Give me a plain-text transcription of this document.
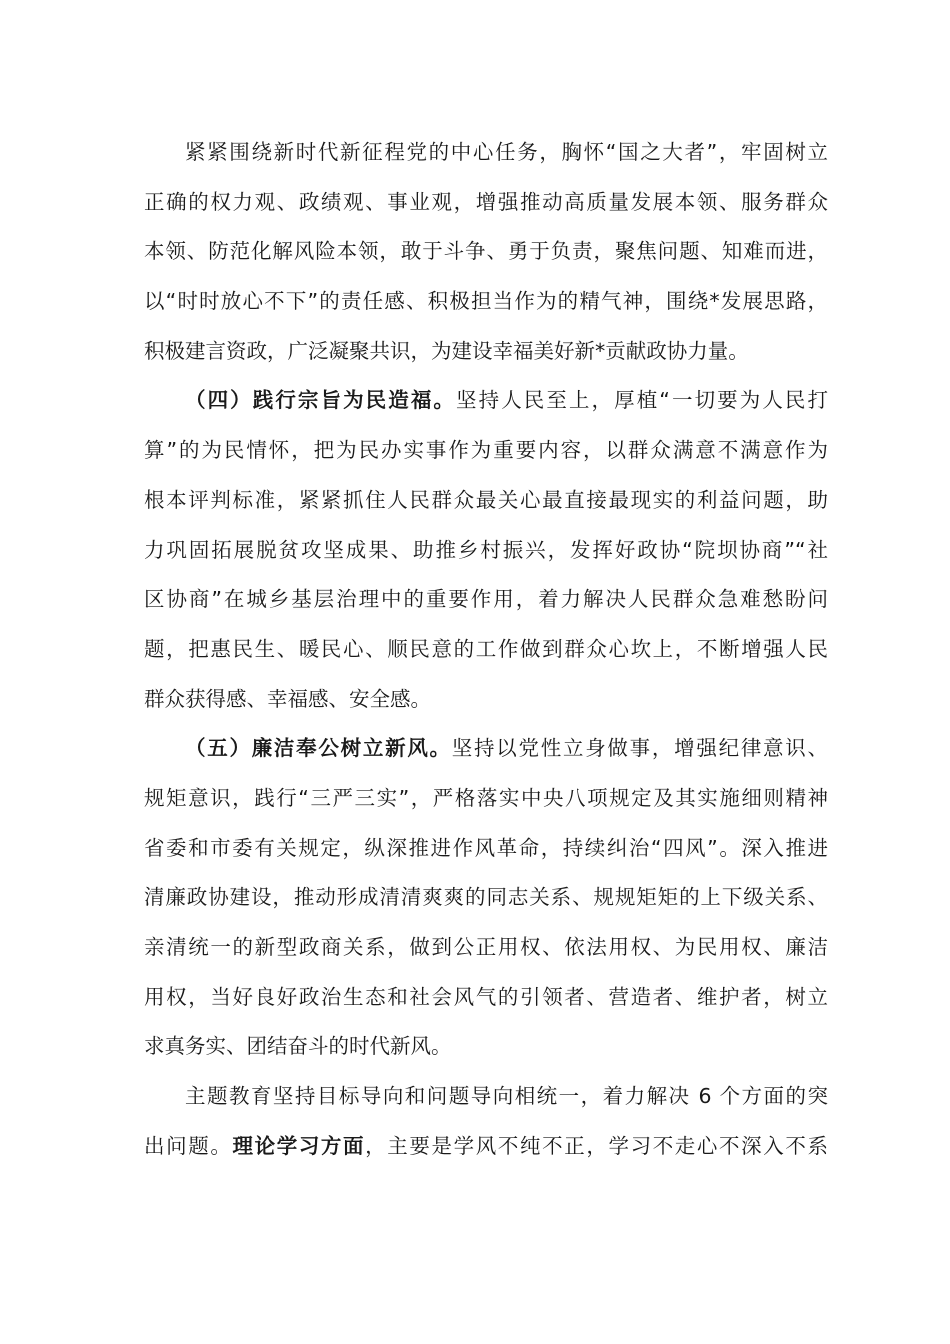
紧紧围绕新时代新征程党的中心任务，胸怀“国之大者”，牢固树立
正确的权力观、政绩观、事业观，增强推动高质量发展本领、服务群众
本领、防范化解风险本领，敢于斗争、勇于负责，聚焦问题、知难而进，
以“时时放心不下”的责任感、积极担当作为的精气神，围绕*发展思路，
积极建言资政，广泛凝聚共识，为建设幸福美好新*贡献政协力量。
（四）践行宗旨为民造福。坚持人民至上，厚植“一切要为人民打
算”的为民情怀，把为民办实事作为重要内容，以群众满意不满意作为
根本评判标准，紧紧抓住人民群众最关心最直接最现实的利益问题，助
力巩固拓展脱贫攻坚成果、助推乡村振兴，发挥好政协“院坝协商”“社
区协商”在城乡基层治理中的重要作用，着力解决人民群众急难愁盼问
题，把惠民生、暖民心、顺民意的工作做到群众心坎上，不断增强人民
群众获得感、幸福感、安全感。
（五）廉洁奉公树立新风。坚持以党性立身做事，增强纪律意识、
规矩意识，践行“三严三实”，严格落实中央八项规定及其实施细则精神
省委和市委有关规定，纵深推进作风革命，持续纠治“四风”。深入推进
清廉政协建设，推动形成清清爽爽的同志关系、规规矩矩的上下级关系、
亲清统一的新型政商关系，做到公正用权、依法用权、为民用权、廉洁
用权，当好良好政治生态和社会风气的引领者、营造者、维护者，树立
求真务实、团结奋斗的时代新风。
主题教育坚持目标导向和问题导向相统一，着力解决 6 个方面的突
出问题。理论学习方面，主要是学风不纯不正，学习不走心不深入不系
